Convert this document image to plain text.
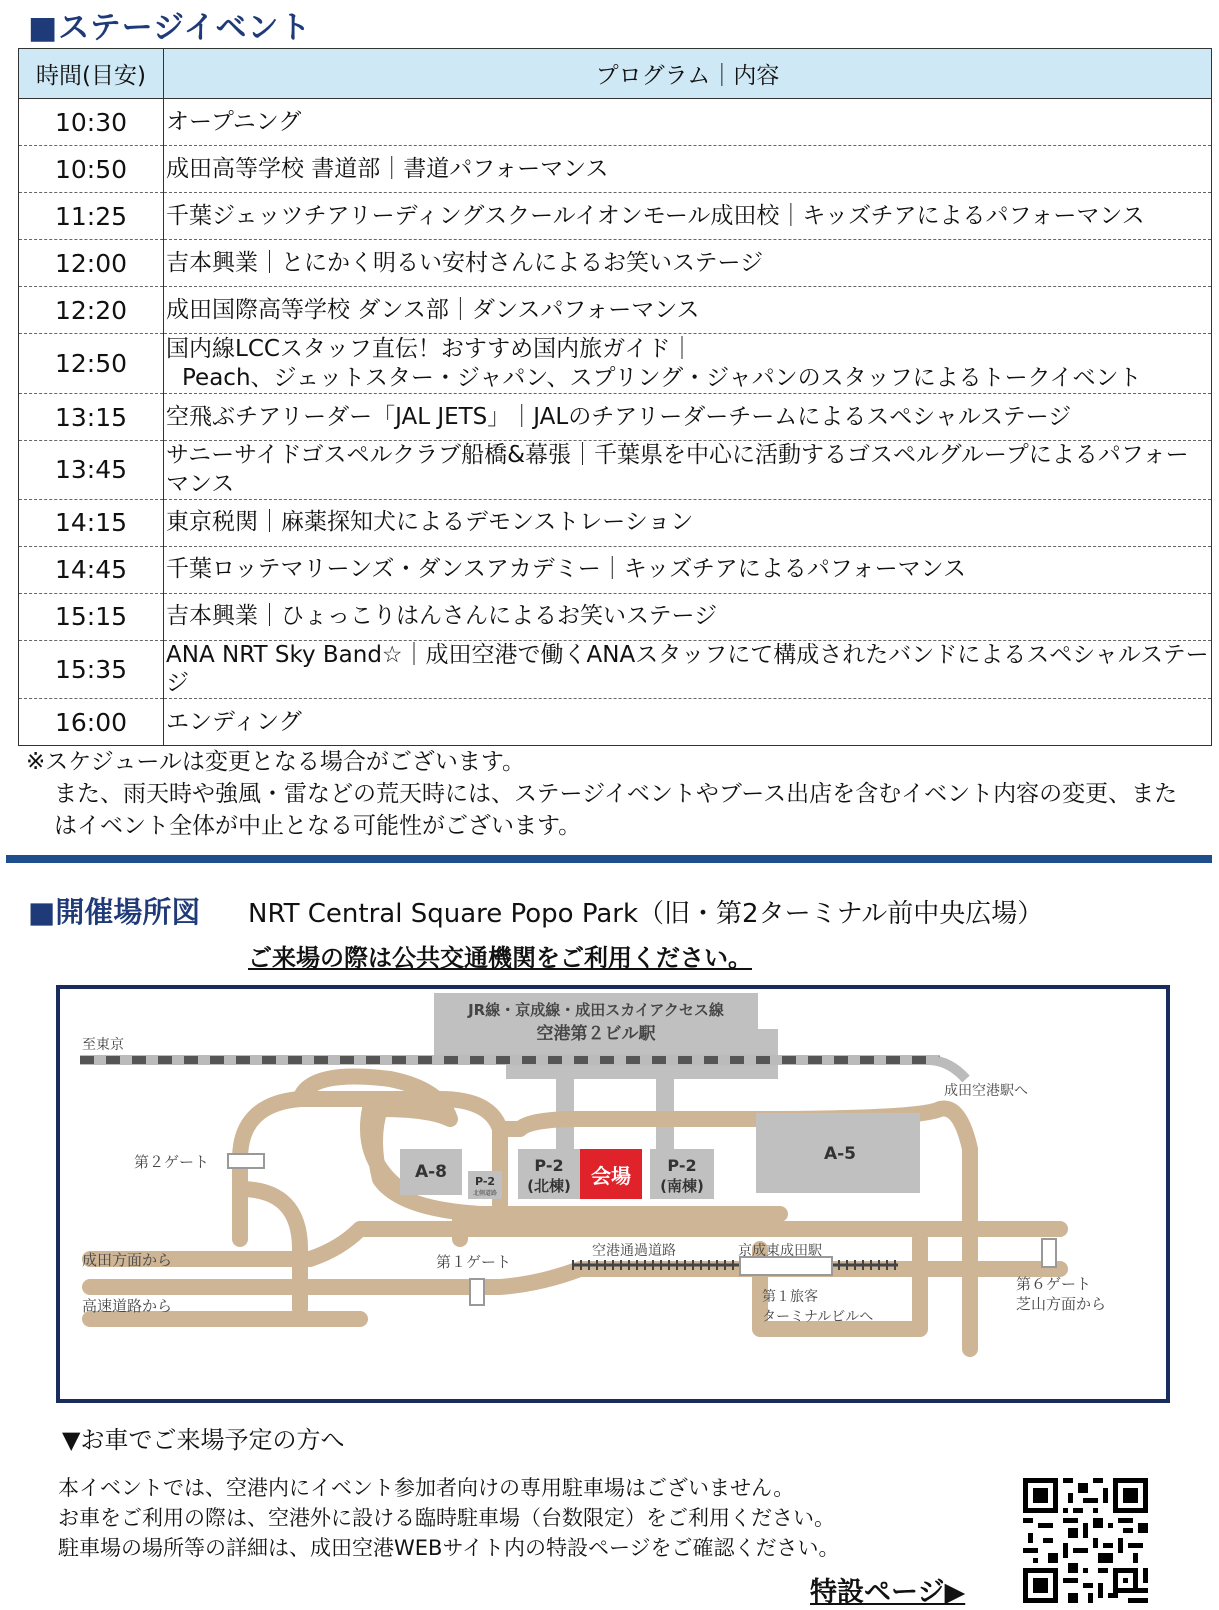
■ステージイベント
時間(目安)	プログラム｜内容
10:30	オープニング
10:50	成田高等学校 書道部｜書道パフォーマンス
11:25	千葉ジェッツチアリーディングスクールイオンモール成田校｜キッズチアによるパフォーマンス
12:00	吉本興業｜とにかく明るい安村さんによるお笑いステージ
12:20	成田国際高等学校 ダンス部｜ダンスパフォーマンス
12:50	国内線LCCスタッフ直伝！おすすめ国内旅ガイド｜
Peach、ジェットスター・ジャパン、スプリング・ジャパンのスタッフによるトークイベント

13:15	空飛ぶチアリーダー「JAL JETS」｜JALのチアリーダーチームによるスペシャルステージ
13:45	サニーサイドゴスペルクラブ船橋&幕張｜千葉県を中心に活動するゴスペルグループによるパフォーマンス
14:15	東京税関｜麻薬探知犬によるデモンストレーション
14:45	千葉ロッテマリーンズ・ダンスアカデミー｜キッズチアによるパフォーマンス
15:15	吉本興業｜ひょっこりはんさんによるお笑いステージ
15:35	ANA NRT Sky Band☆｜成田空港で働くANAスタッフにて構成されたバンドによるスペシャルステージ
16:00	エンディング
※スケジュールは変更となる場合がございます。
また、雨天時や強風・雷などの荒天時には、ステージイベントやブース出店を含むイベント内容の変更、また
はイベント全体が中止となる可能性がございます。
■開催場所図 NRT Central Square Popo Park（旧・第2ターミナル前中央広場）
ご来場の際は公共交通機関をご利用ください。
JR線・京成線・成田スカイアクセス線
空港第２ビル駅
至東京
成田空港駅へ
第２ゲート
第１ゲート
第６ゲート
芝山方面から
成田方面から
高速道路から
空港通過道路	京成東成田駅
第１旅客
ターミナルビルへ
A-8
A-5
P-2
北側道路
P-2
(北棟) 会場 P-2
(南棟)
▼お車でご来場予定の方へ
本イベントでは、空港内にイベント参加者向けの専用駐車場はございません。
お車をご利用の際は、空港外に設ける臨時駐車場（台数限定）をご利用ください。
駐車場の場所等の詳細は、成田空港WEBサイト内の特設ページをご確認ください。
特設ページ▶
